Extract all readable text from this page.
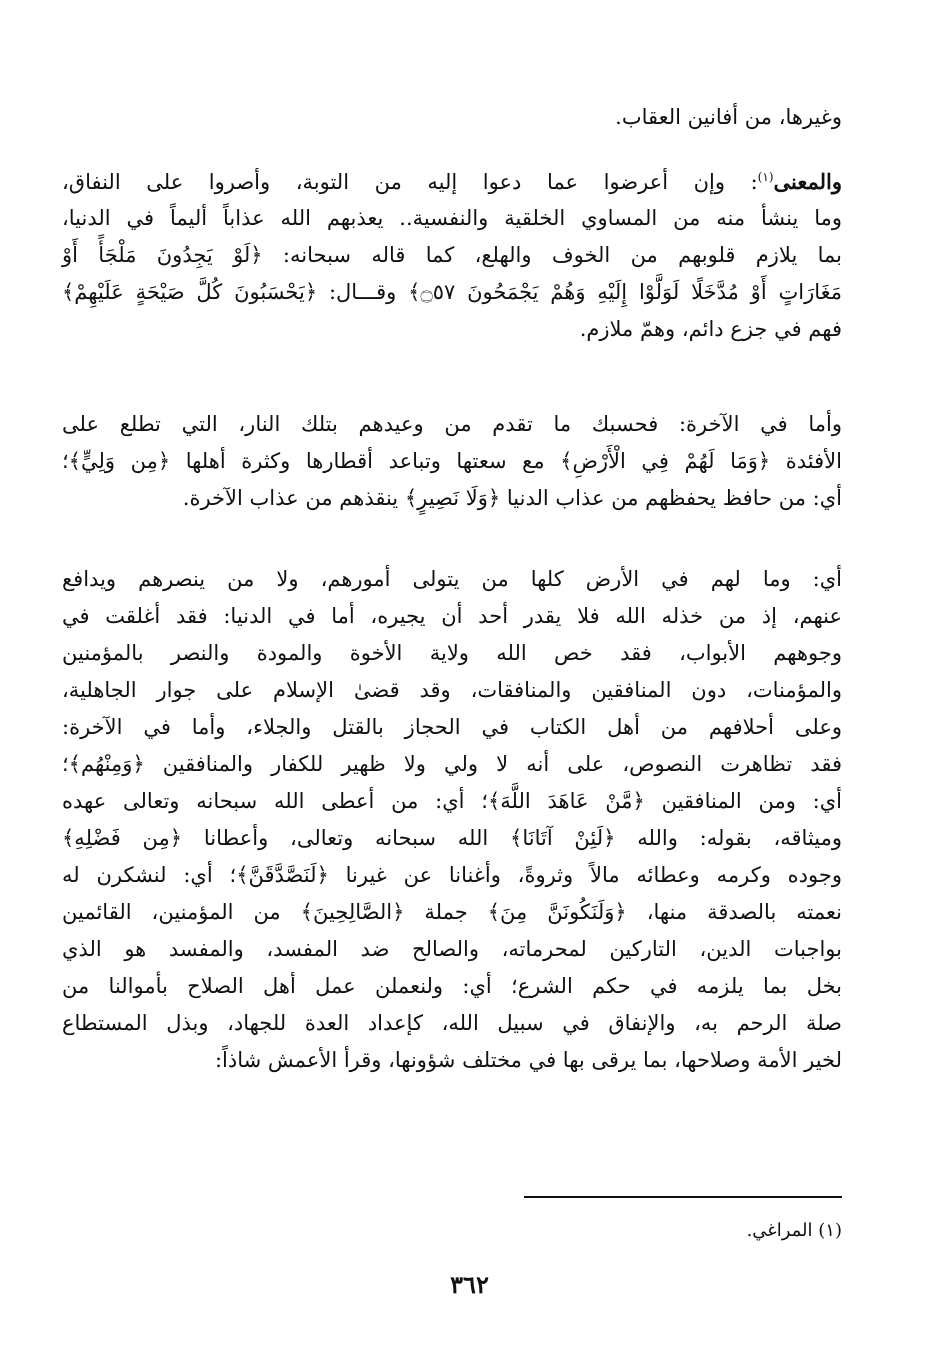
وغيرها، من أفانين العقاب.
والمعنى$^{(١)}$: وإن أعرضوا عما دعوا إليه من التوبة، وأصروا على النفاق،
وما ينشأ منه من المساوي الخلقية والنفسية.. يعذبهم الله عذاباً أليماً في الدنيا،
بما يلازم قلوبهم من الخوف والهلع، كما قاله سبحانه: ﴿لَوْ يَجِدُونَ مَلْجَأً أَوْ
مَغَارَاتٍ أَوْ مُدَّخَلًا لَوَلَّوْا إِلَيْهِ وَهُمْ يَجْمَحُونَ ۝٥٧﴾ وقـــال: ﴿يَحْسَبُونَ كُلَّ صَيْحَةٍ عَلَيْهِمْ﴾
فهم في جزع دائم، وهمّ ملازم.
وأما في الآخرة: فحسبك ما تقدم من وعيدهم بتلك النار، التي تطلع على
الأفئدة ﴿وَمَا لَهُمْ فِي الْأَرْضِ﴾ مع سعتها وتباعد أقطارها وكثرة أهلها ﴿مِن وَلِيٍّ﴾؛
أي: من حافظ يحفظهم من عذاب الدنيا ﴿وَلَا نَصِيرٍ﴾ ينقذهم من عذاب الآخرة.
أي: وما لهم في الأرض كلها من يتولى أمورهم، ولا من ينصرهم ويدافع
عنهم، إذ من خذله الله فلا يقدر أحد أن يجيره، أما في الدنيا: فقد أغلقت في
وجوههم الأبواب، فقد خص الله ولاية الأخوة والمودة والنصر بالمؤمنين
والمؤمنات، دون المنافقين والمنافقات، وقد قضىٰ الإسلام على جوار الجاهلية،
وعلى أحلافهم من أهل الكتاب في الحجاز بالقتل والجلاء، وأما في الآخرة:
فقد تظاهرت النصوص، على أنه لا ولي ولا ظهير للكفار والمنافقين ﴿وَمِنْهُم﴾؛
أي: ومن المنافقين ﴿مَّنْ عَاهَدَ اللَّهَ﴾؛ أي: من أعطى الله سبحانه وتعالى عهده
وميثاقه، بقوله: والله ﴿لَئِنْ آتَانَا﴾ الله سبحانه وتعالى، وأعطانا ﴿مِن فَضْلِهِ﴾
وجوده وكرمه وعطائه مالاً وثروةً، وأغنانا عن غيرنا ﴿لَنَصَّدَّقَنَّ﴾؛ أي: لنشكرن له
نعمته بالصدقة منها، ﴿وَلَنَكُونَنَّ مِنَ﴾ جملة ﴿الصَّالِحِينَ﴾ من المؤمنين، القائمين
بواجبات الدين، التاركين لمحرماته، والصالح ضد المفسد، والمفسد هو الذي
بخل بما يلزمه في حكم الشرع؛ أي: ولنعملن عمل أهل الصلاح بأموالنا من
صلة الرحم به، والإنفاق في سبيل الله، كإعداد العدة للجهاد، وبذل المستطاع
لخير الأمة وصلاحها، بما يرقى بها في مختلف شؤونها، وقرأ الأعمش شاذاً:
(١) المراغي.
٣٦٢
